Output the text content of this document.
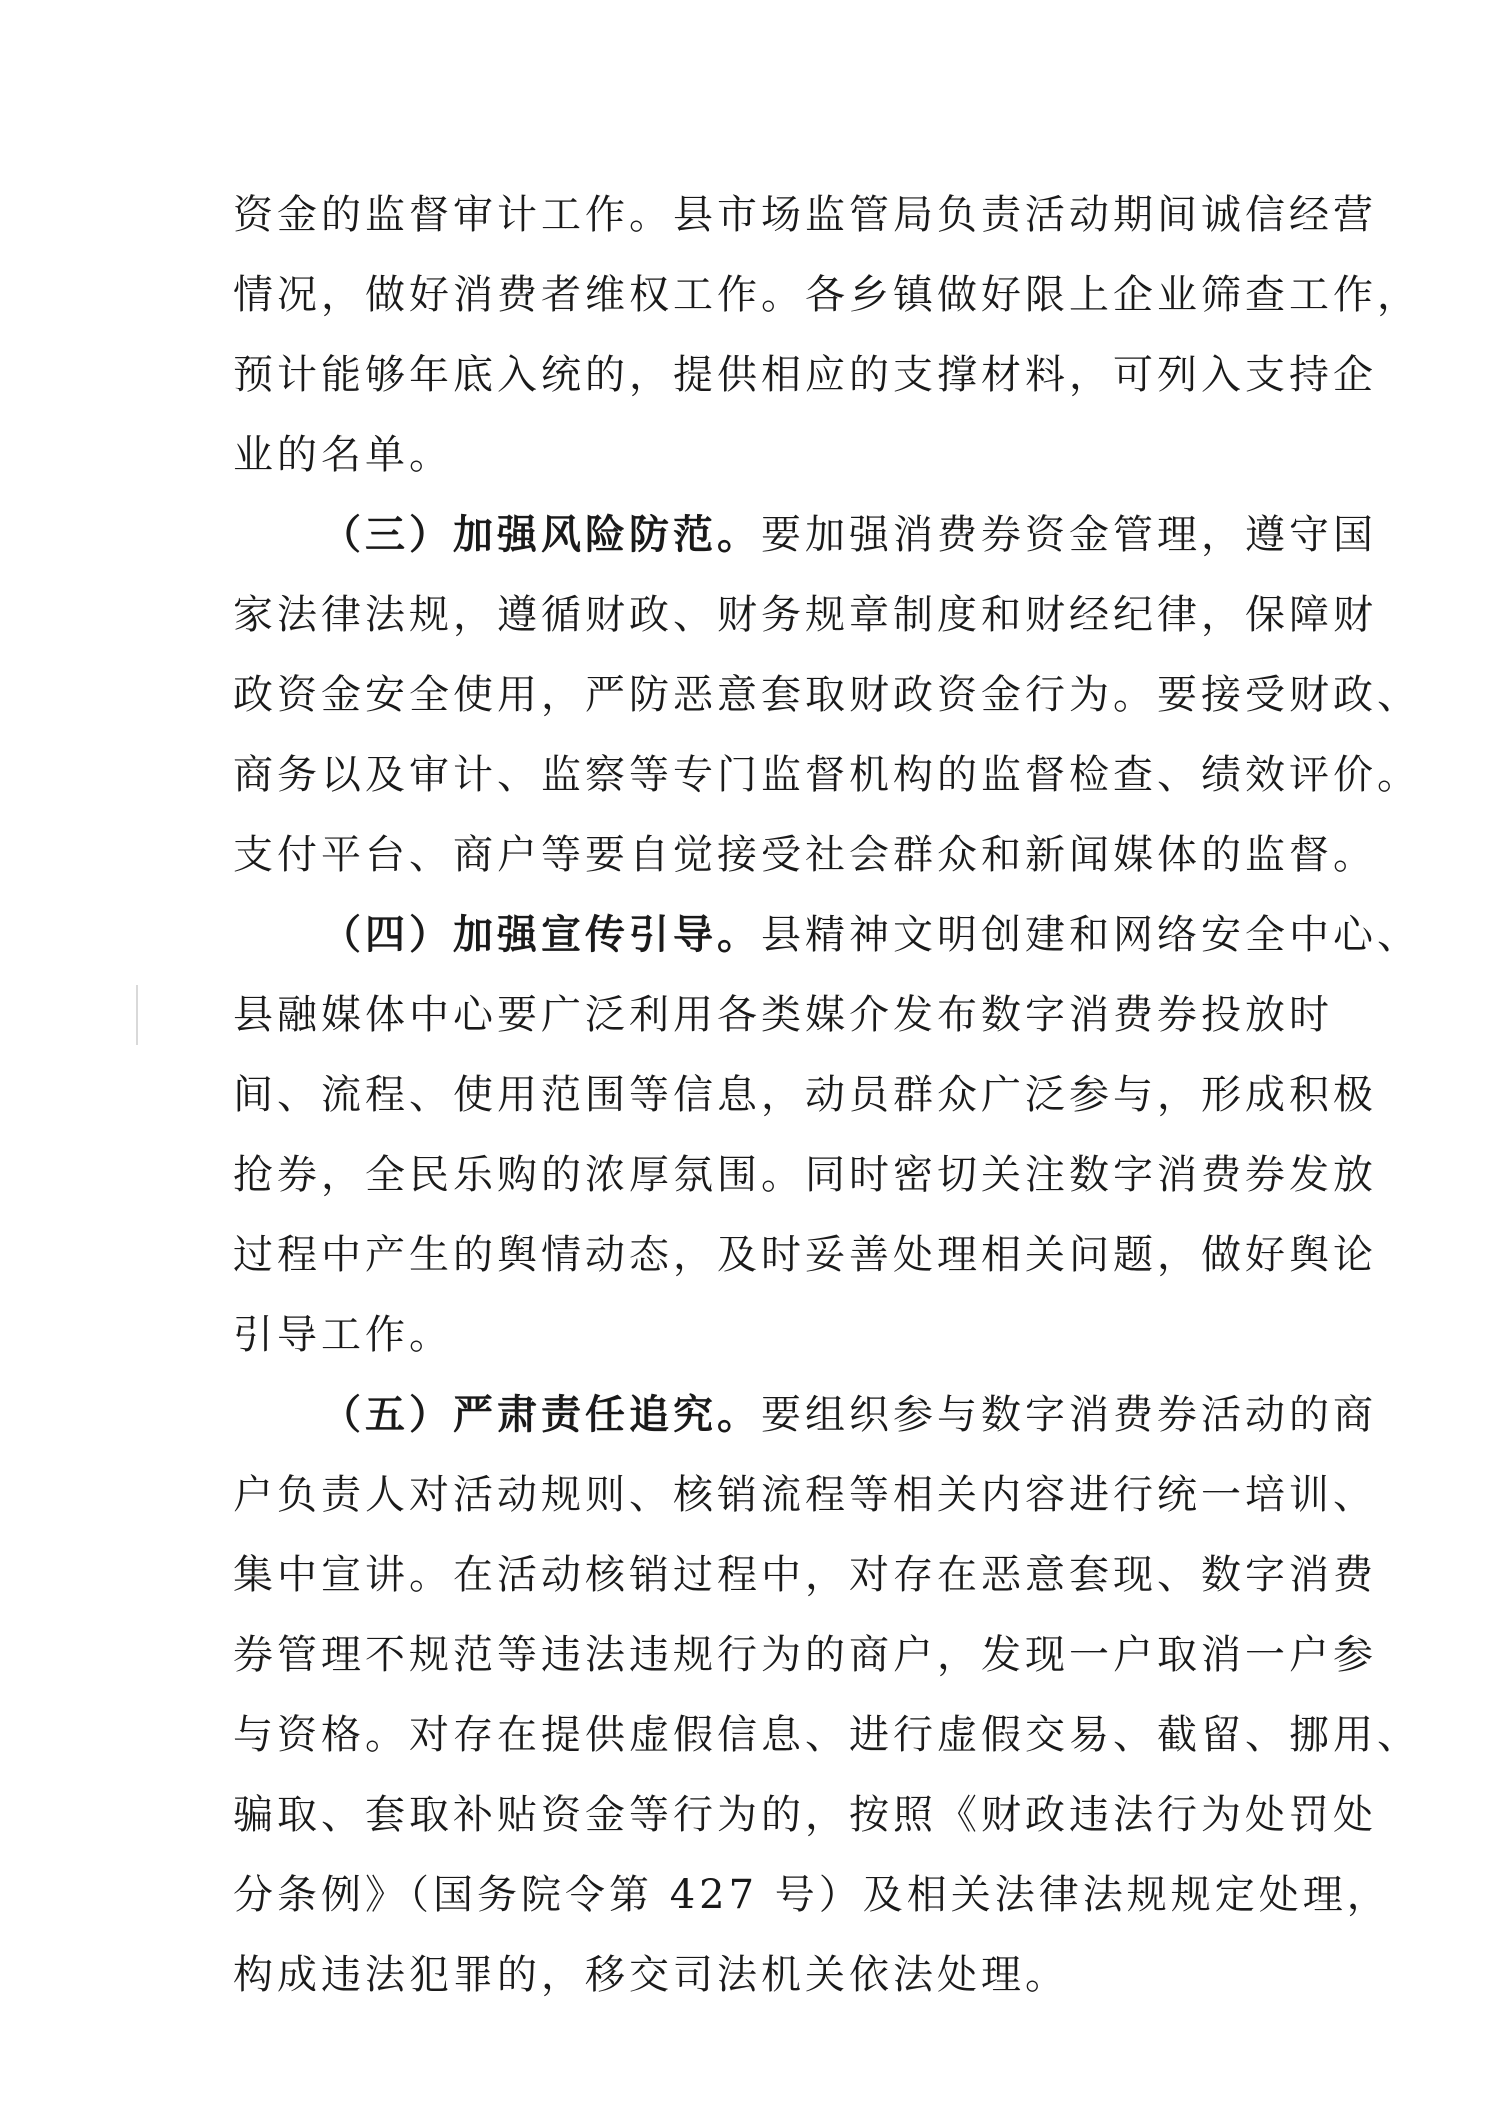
资金的监督审计工作。县市场监管局负责活动期间诚信经营
情况，做好消费者维权工作。各乡镇做好限上企业筛查工作，
预计能够年底入统的，提供相应的支撑材料，可列入支持企
业的名单。
（三）加强风险防范。要加强消费券资金管理，遵守国
家法律法规，遵循财政、财务规章制度和财经纪律，保障财
政资金安全使用，严防恶意套取财政资金行为。要接受财政、
商务以及审计、监察等专门监督机构的监督检查、绩效评价。
支付平台、商户等要自觉接受社会群众和新闻媒体的监督。
（四）加强宣传引导。县精神文明创建和网络安全中心、
县融媒体中心要广泛利用各类媒介发布数字消费券投放时
间、流程、使用范围等信息，动员群众广泛参与，形成积极
抢券，全民乐购的浓厚氛围。同时密切关注数字消费券发放
过程中产生的舆情动态，及时妥善处理相关问题，做好舆论
引导工作。
（五）严肃责任追究。要组织参与数字消费券活动的商
户负责人对活动规则、核销流程等相关内容进行统一培训、
集中宣讲。在活动核销过程中，对存在恶意套现、数字消费
券管理不规范等违法违规行为的商户，发现一户取消一户参
与资格。对存在提供虚假信息、进行虚假交易、截留、挪用、
骗取、套取补贴资金等行为的，按照《财政违法行为处罚处
分条例》（国务院令第 427 号）及相关法律法规规定处理，
构成违法犯罪的，移交司法机关依法处理。
